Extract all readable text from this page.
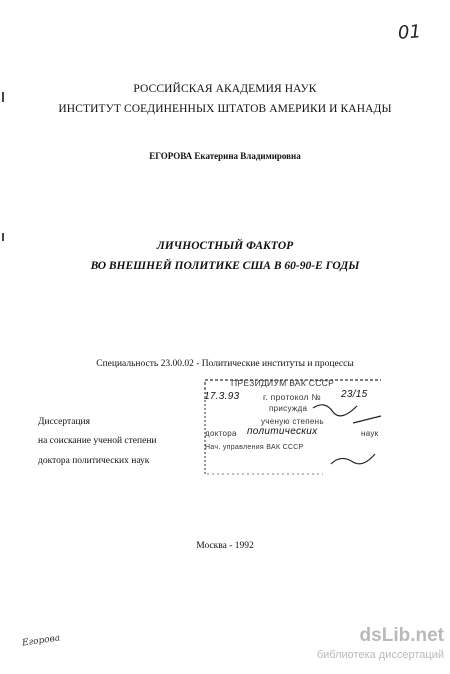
01
РОССИЙСКАЯ АКАДЕМИЯ НАУК
ИНСТИТУТ СОЕДИНЕННЫХ ШТАТОВ АМЕРИКИ И КАНАДЫ
ЕГОРОВА Екатерина Владимировна
ЛИЧНОСТНЫЙ ФАКТОР
ВО ВНЕШНЕЙ ПОЛИТИКЕ США В 60-90-Е ГОДЫ
Специальность 23.00.02 - Политические институты и процессы
Диссертация
на соискание ученой степени
доктора политических наук
ПРЕЗИДИУМ ВАК СССР
17.3.93	г. протокол № 23/15
присужда
ученую степень
доктора политических	наук
Нач. управления ВАК СССР
Москва - 1992
Егорова	dsLib.net
библиотека диссертаций
